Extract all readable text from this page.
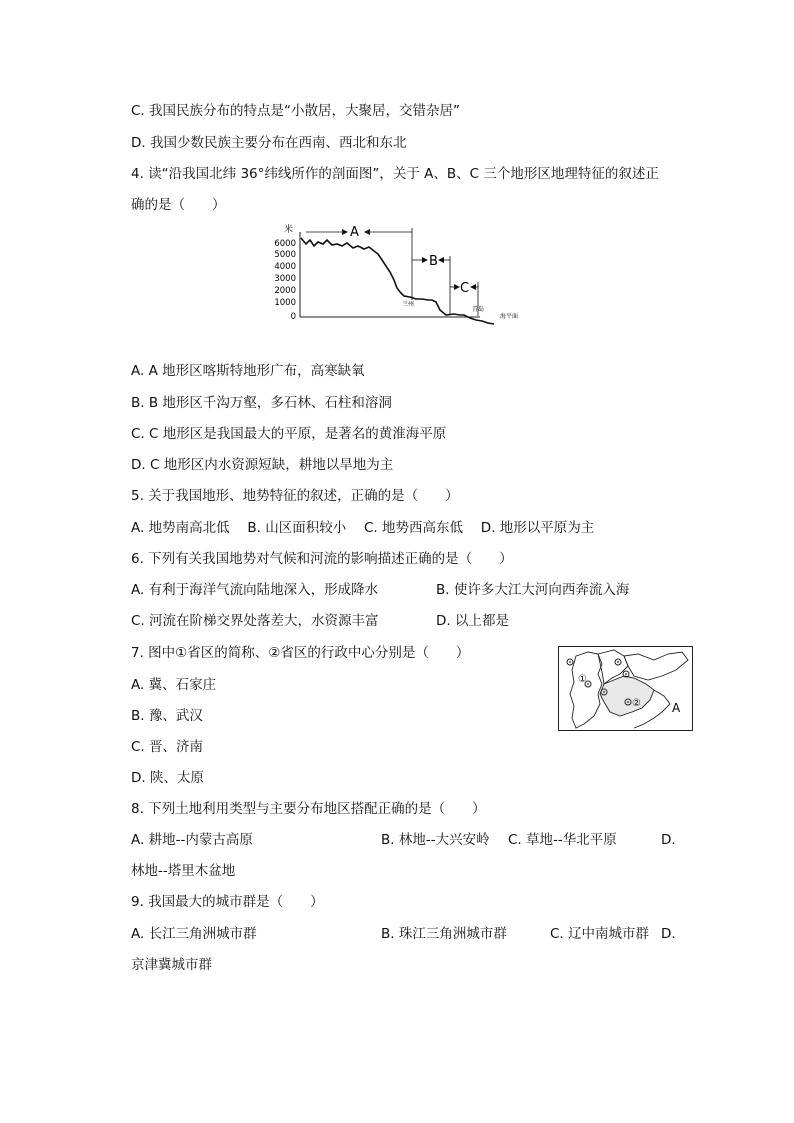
C. 我国民族分布的特点是“小散居，大聚居，交错杂居”
D. 我国少数民族主要分布在西南、西北和东北
4. 读“沿我国北纬 36°纬线所作的剖面图”，关于 A、B、C 三个地形区地理特征的叙述正
确的是（　　）
米
6000
5000
4000
3000
2000
1000
0
A
B
C
兰州
青岛
海平面
A. A 地形区喀斯特地形广布，高寒缺氧
B. B 地形区千沟万壑，多石林、石柱和溶洞
C. C 地形区是我国最大的平原，是著名的黄淮海平原
D. C 地形区内水资源短缺，耕地以旱地为主
5. 关于我国地形、地势特征的叙述，正确的是（　　）
A. 地势南高北低　 B. 山区面积较小　 C. 地势西高东低　 D. 地形以平原为主
6. 下列有关我国地势对气候和河流的影响描述正确的是（　　）
A. 有利于海洋气流向陆地深入，形成降水	B. 使许多大江大河向西奔流入海
C. 河流在阶梯交界处落差大，水资源丰富	D. 以上都是
7. 图中①省区的简称、②省区的行政中心分别是（　　）
A. 冀、石家庄
B. 豫、武汉
C. 晋、济南
D. 陕、太原
①
②	A
8. 下列土地利用类型与主要分布地区搭配正确的是（　　）
A. 耕地--内蒙古高原	B. 林地--大兴安岭 C. 草地--华北平原	D.
林地--塔里木盆地
9. 我国最大的城市群是（　　）
A. 长江三角洲城市群	B. 珠江三角洲城市群	C. 辽中南城市群 D.
京津冀城市群
